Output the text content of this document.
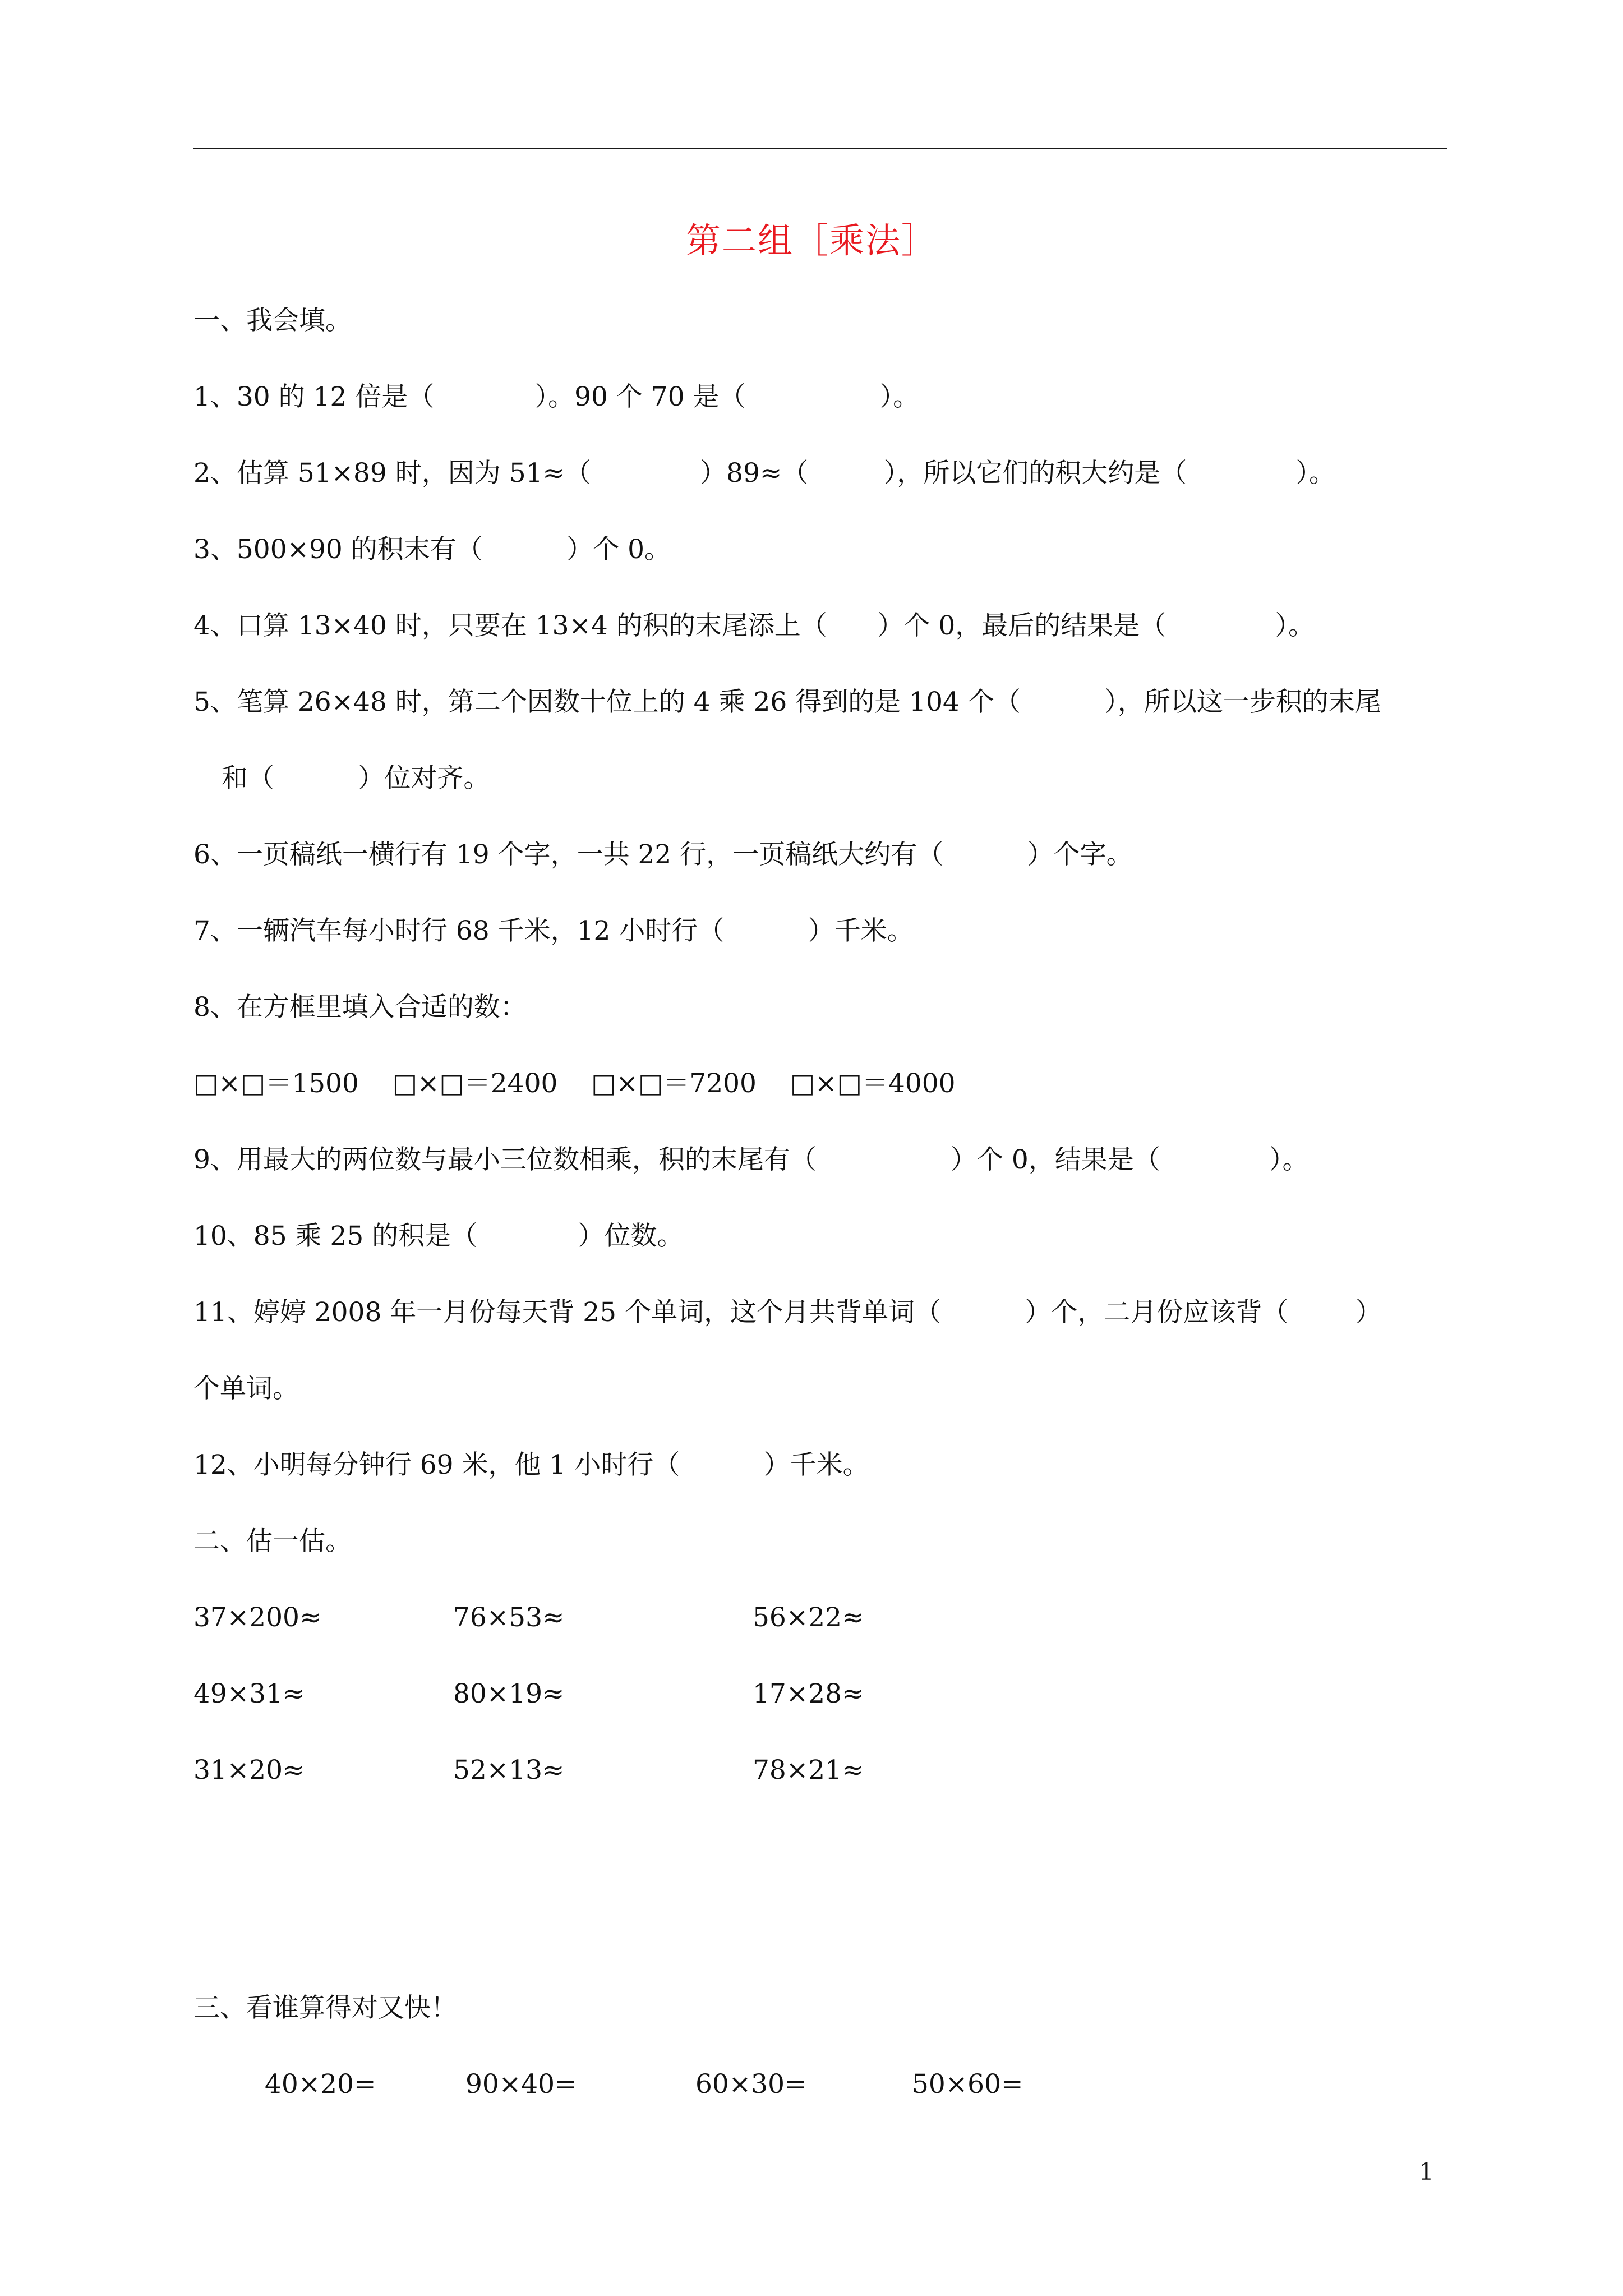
第二组［乘法］
一、我会填。
1、30 的 12 倍是（            ）。90 个 70 是（                ）。
2、估算 51×89 时，因为 51≈（             ）89≈（         ），所以它们的积大约是（             ）。
3、500×90 的积末有（          ）个 0。
4、口算 13×40 时，只要在 13×4 的积的末尾添上（      ）个 0，最后的结果是（             ）。
5、笔算 26×48 时，第二个因数十位上的 4 乘 26 得到的是 104 个（          ），所以这一步积的末尾
和（          ）位对齐。
6、一页稿纸一横行有 19 个字，一共 22 行，一页稿纸大约有（          ）个字。
7、一辆汽车每小时行 68 千米，12 小时行（          ）千米。
8、在方框里填入合适的数：
□×□＝1500    □×□＝2400    □×□＝7200    □×□＝4000
9、用最大的两位数与最小三位数相乘，积的末尾有（                ）个 0，结果是（             ）。
10、85 乘 25 的积是（            ）位数。
11、婷婷 2008 年一月份每天背 25 个单词，这个月共背单词（          ）个，二月份应该背（        ）
个单词。
12、小明每分钟行 69 米，他 1 小时行（          ）千米。
二、估一估。
37×200≈	76×53≈	56×22≈
49×31≈	80×19≈	17×28≈
31×20≈	52×13≈	78×21≈
三、看谁算得对又快！
40×20=	90×40=	60×30=	50×60=
1
